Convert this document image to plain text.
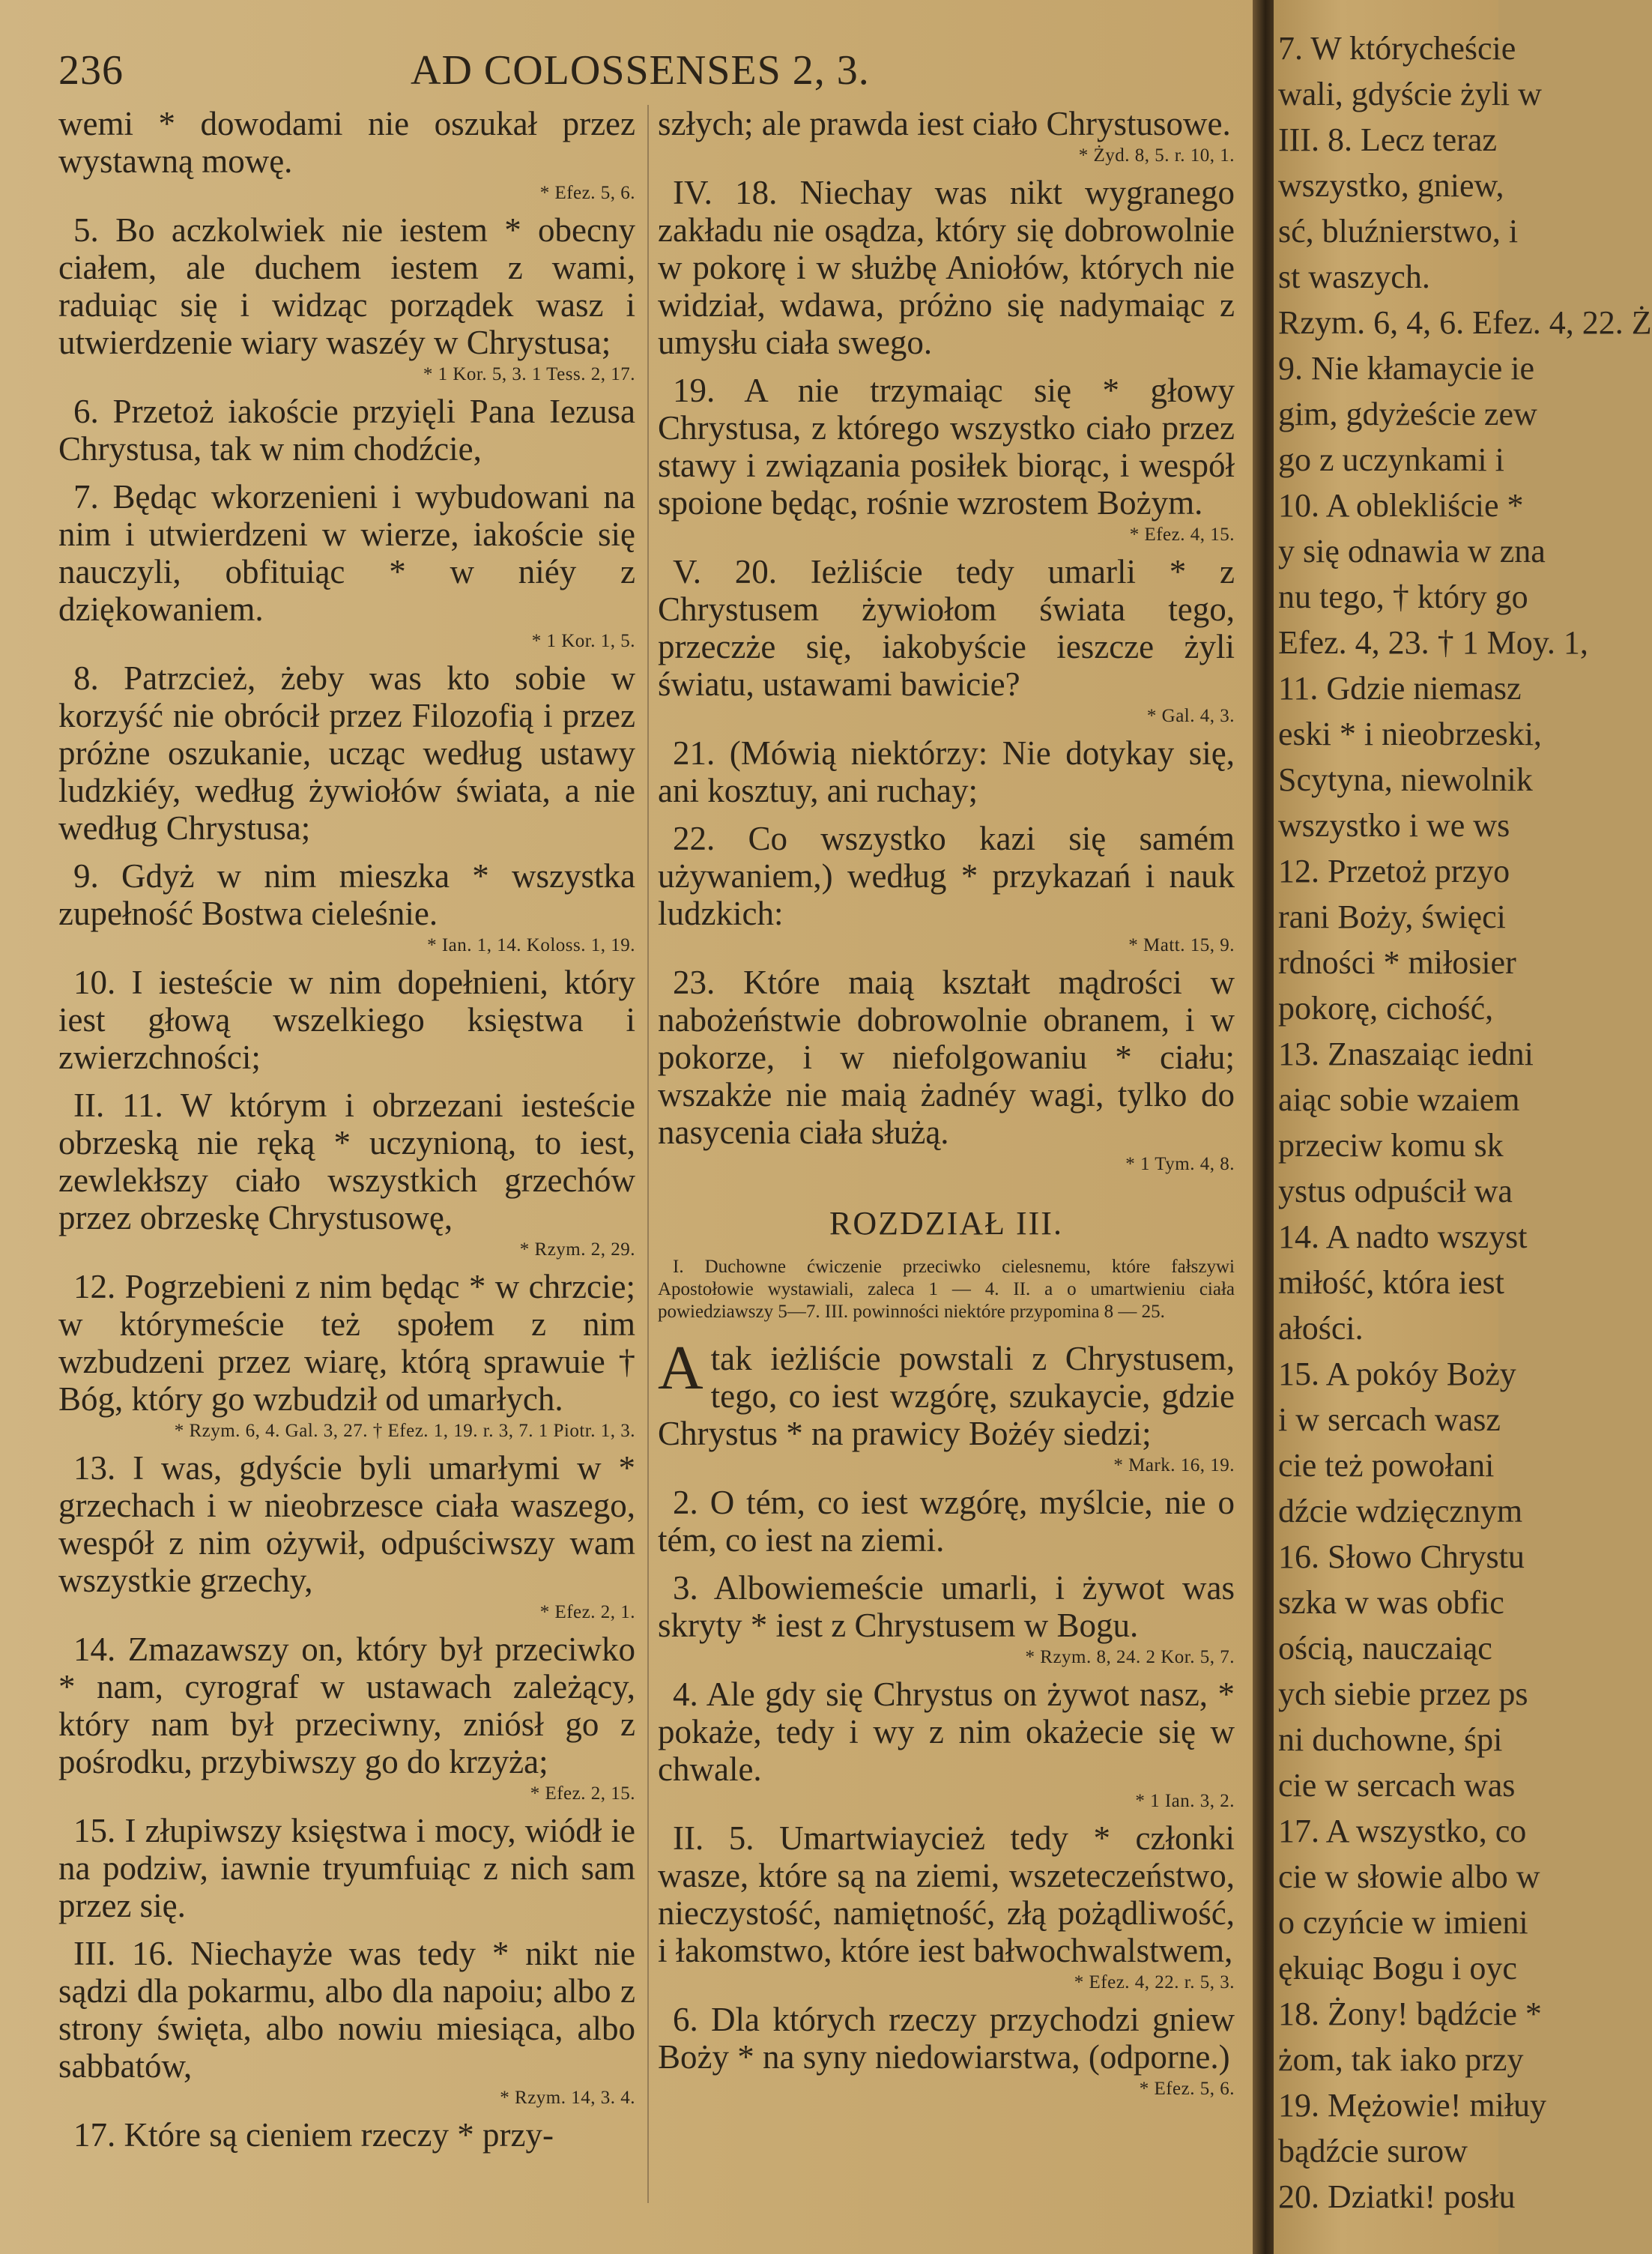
236	AD COLOSSENSES 2, 3.

wemi * dowodami nie oszukał przez wystawną mowę.

* Efez. 5, 6.

5. Bo aczkolwiek nie iestem * obecny ciałem, ale duchem iestem z wami, raduiąc się i widząc porządek wasz i utwierdzenie wiary waszéy w Chrystusa;

* 1 Kor. 5, 3. 1 Tess. 2, 17.

6. Przetoż iakoście przyięli Pana Iezusa Chrystusa, tak w nim chodźcie,

7. Będąc wkorzenieni i wybudowani na nim i utwierdzeni w wierze, iakoście się nauczyli, obfituiąc * w niéy z dziękowaniem.

* 1 Kor. 1, 5.

8. Patrzcież, żeby was kto sobie w korzyść nie obrócił przez Filozofią i przez próżne oszukanie, ucząc według ustawy ludzkiéy, według żywiołów świata, a nie według Chrystusa;

9. Gdyż w nim mieszka * wszystka zupełność Bostwa cieleśnie.

* Ian. 1, 14. Koloss. 1, 19.

10. I iesteście w nim dopełnieni, który iest głową wszelkiego księstwa i zwierzchności;

II. 11. W którym i obrzezani iesteście obrzeską nie ręką * uczynioną, to iest, zewlekłszy ciało wszystkich grzechów przez obrzeskę Chrystusowę,

* Rzym. 2, 29.

12. Pogrzebieni z nim będąc * w chrzcie; w którymeście też społem z nim wzbudzeni przez wiarę, którą sprawuie † Bóg, który go wzbudził od umarłych.

* Rzym. 6, 4. Gal. 3, 27. † Efez. 1, 19. r. 3, 7. 1 Piotr. 1, 3.

13. I was, gdyście byli umarłymi w * grzechach i w nieobrzesce ciała waszego, wespół z nim ożywił, odpuściwszy wam wszystkie grzechy,

* Efez. 2, 1.

14. Zmazawszy on, który był przeciwko * nam, cyrograf w ustawach zależący, który nam był przeciwny, zniósł go z pośrodku, przybiwszy go do krzyża;

* Efez. 2, 15.

15. I złupiwszy księstwa i mocy, wiódł ie na podziw, iawnie tryumfuiąc z nich sam przez się.

III. 16. Niechayże was tedy * nikt nie sądzi dla pokarmu, albo dla napoiu; albo z strony święta, albo nowiu miesiąca, albo sabbatów,

* Rzym. 14, 3. 4.

17. Które są cieniem rzeczy * przy-

szłych; ale prawda iest ciało Chrystusowe.

* Żyd. 8, 5. r. 10, 1.

IV. 18. Niechay was nikt wygranego zakładu nie osądza, który się dobrowolnie w pokorę i w służbę Aniołów, których nie widział, wdawa, próżno się nadymaiąc z umysłu ciała swego.

19. A nie trzymaiąc się * głowy Chrystusa, z którego wszystko ciało przez stawy i związania posiłek biorąc, i wespół spoione będąc, rośnie wzrostem Bożym.

* Efez. 4, 15.

V. 20. Ieżliście tedy umarli * z Chrystusem żywiołom świata tego, przeczże się, iakobyście ieszcze żyli światu, ustawami bawicie?

* Gal. 4, 3.

21. (Mówią niektórzy: Nie dotykay się, ani kosztuy, ani ruchay;

22. Co wszystko kazi się samém używaniem,) według * przykazań i nauk ludzkich:

* Matt. 15, 9.

23. Które maią kształt mądrości w nabożeństwie dobrowolnie obranem, i w pokorze, i w niefolgowaniu * ciału; wszakże nie maią żadnéy wagi, tylko do nasycenia ciała służą.

* 1 Tym. 4, 8.
ROZDZIAŁ III.

I. Duchowne ćwiczenie przeciwko cielesnemu, które fałszywi Apostołowie wystawiali, zaleca 1 — 4. II. a o umartwieniu ciała powiedziawszy 5—7. III. powinności niektóre przypomina 8 — 25.

Atak ieżliście powstali z Chrystusem, tego, co iest wzgórę, szukaycie, gdzie Chrystus * na prawicy Bożéy siedzi;

* Mark. 16, 19.

2. O tém, co iest wzgórę, myślcie, nie o tém, co iest na ziemi.

3. Albowiemeście umarli, i żywot was skryty * iest z Chrystusem w Bogu.

* Rzym. 8, 24. 2 Kor. 5, 7.

4. Ale gdy się Chrystus on żywot nasz, * pokaże, tedy i wy z nim okażecie się w chwale.

* 1 Ian. 3, 2.

II. 5. Umartwiaycież tedy * członki wasze, które są na ziemi, wszeteczeństwo, nieczystość, namiętność, złą pożądliwość, i łakomstwo, które iest bałwochwalstwem,

* Efez. 4, 22. r. 5, 3.

6. Dla których rzeczy przychodzi gniew Boży * na syny niedowiarstwa, (odporne.)

* Efez. 5, 6.
7. W którycheście
wali, gdyście żyli w
III. 8. Lecz teraz
wszystko, gniew,
sć, bluźnierstwo, i
st waszych.
Rzym. 6, 4, 6. Efez. 4, 22. Ż
9. Nie kłamaycie ie
gim, gdyżeście zew
go z uczynkami i
10. A oblekliście *
y się odnawia w zna
nu tego, † który go
Efez. 4, 23. † 1 Moy. 1,
11. Gdzie niemasz
eski * i nieobrzeski,
Scytyna, niewolnik
wszystko i we ws
12. Przetoż przyo
rani Boży, święci
rdności * miłosier
pokorę, cichość,
13. Znaszaiąc iedni
aiąc sobie wzaiem
przeciw komu sk
ystus odpuścił wa
14. A nadto wszyst
miłość, która iest
ałości.
15. A pokóy Boży
i w sercach wasz
cie też powołani
dźcie wdzięcznym
16. Słowo Chrystu
szka w was obfic
ością, nauczaiąc
ych siebie przez ps
ni duchowne, śpi
cie w sercach was
17. A wszystko, co
cie w słowie albo w
o czyńcie w imieni
ękuiąc Bogu i oyc
18. Żony! bądźcie *
żom, tak iako przy
19. Mężowie! miłuy
bądźcie surow
20. Dziatki! posłu
